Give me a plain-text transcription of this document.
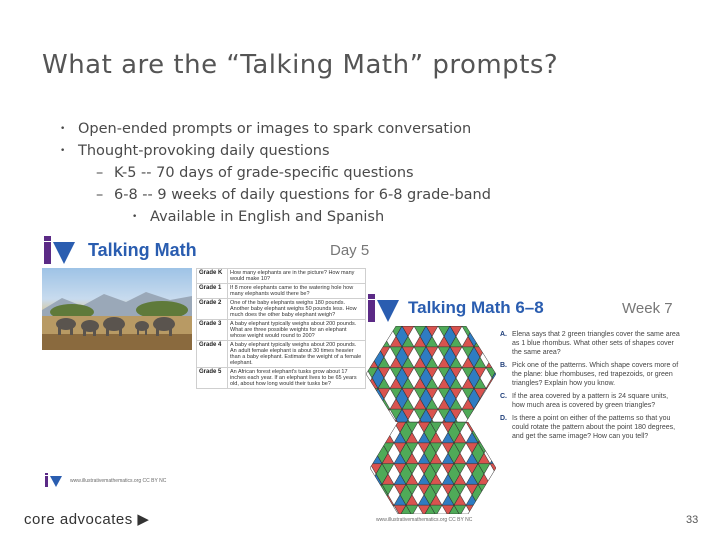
What are the “Talking Math” prompts?
• Open-ended prompts or images to spark conversation
• Thought-provoking daily questions
– K-5 -- 70 days of grade-specific questions
– 6-8 -- 9 weeks of daily questions for 6-8 grade-band
• Available in English and Spanish
Talking Math	Day 5
Grade K	How many elephants are in the picture? How many would make 10?
Grade 1	If 8 more elephants came to the watering hole how many elephants would there be?
Grade 2	One of the baby elephants weighs 180 pounds. Another baby elephant weighs 50 pounds less. How much does the other baby elephant weigh?
Grade 3	A baby elephant typically weighs about 200 pounds. What are three possible weights for an elephant whose weight would round to 200?
Grade 4	A baby elephant typically weighs about 200 pounds. An adult female elephant is about 30 times heavier than a baby elephant. Estimate the weight of a female elephant.
Grade 5	An African forest elephant's tusks grow about 17 inches each year. If an elephant lives to be 65 years old, about how long would their tusks be?
www.illustrativemathematics.org CC BY NC
Talking Math 6–8	Week 7
A. Elena says that 2 green triangles cover the same area as 1 blue rhombus. What other sets of shapes cover the same area?
B. Pick one of the patterns. Which shape covers more of the plane: blue rhombuses, red trapezoids, or green triangles? Explain how you know.
C. If the area covered by a pattern is 24 square units, how much area is covered by green triangles?
D. Is there a point on either of the patterns so that you could rotate the pattern about the point 180 degrees, and get the same image? How can you tell?
www.illustrativemathematics.org CC BY NC
core advocates ▶	33
